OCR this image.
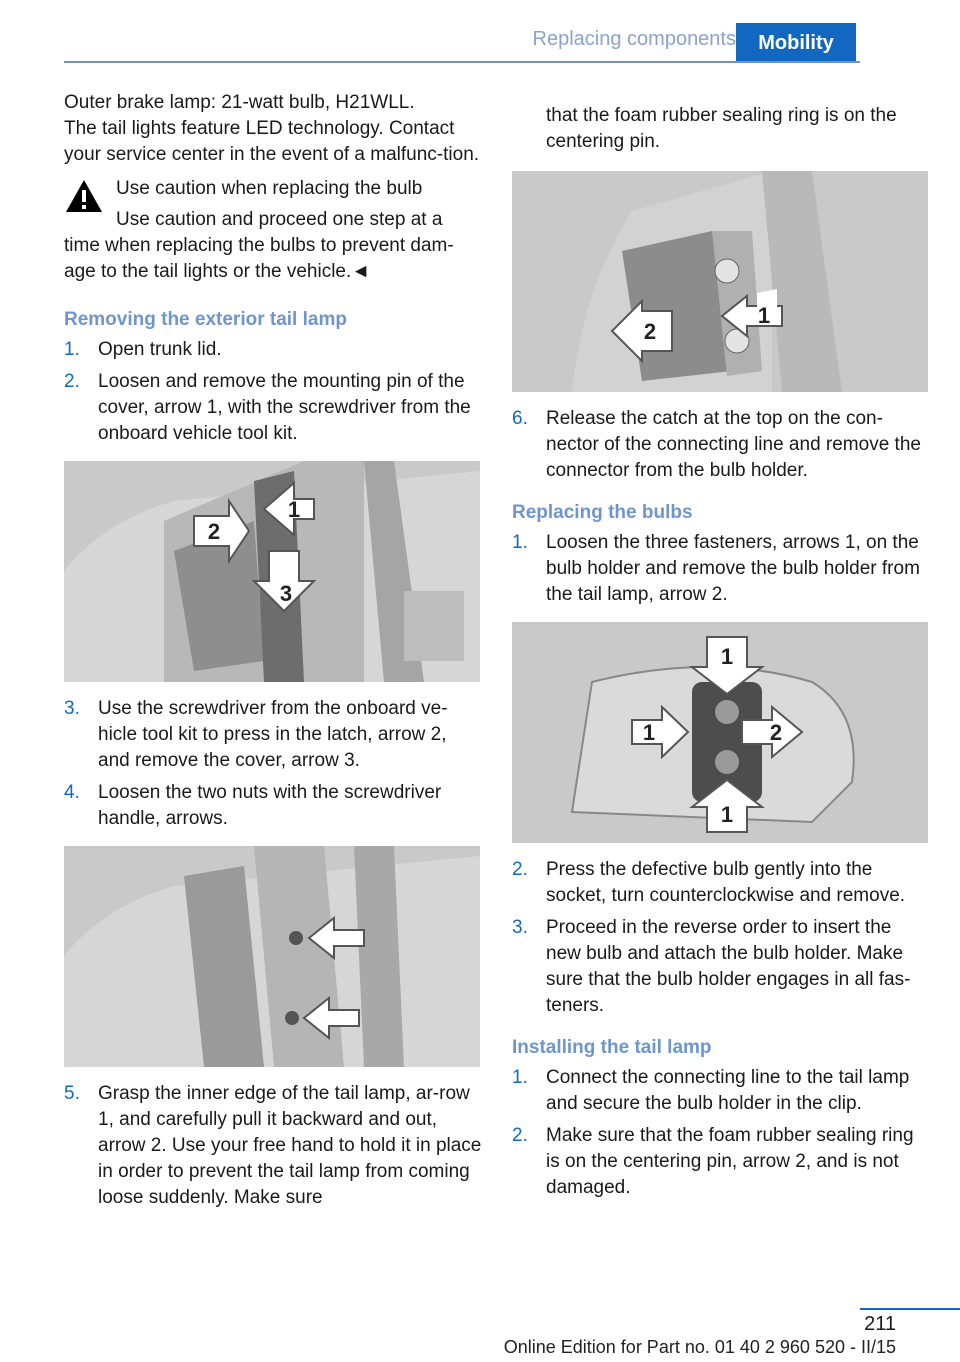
Replacing components	Mobility

Outer brake lamp: 21-watt bulb, H21WLL.

The tail lights feature LED technology. Contact your service center in the event of a malfunc-tion.

Use caution when replacing the bulb

Use caution and proceed one step at a time when replacing the bulbs to prevent dam-age to the tail lights or the vehicle.◄

Removing the exterior tail lamp
1. Open trunk lid.
2. Loosen and remove the mounting pin of the cover, arrow 1, with the screwdriver from the onboard vehicle tool kit.
2
1
3
3. Use the screwdriver from the onboard ve-hicle tool kit to press in the latch, arrow 2, and remove the cover, arrow 3.
4. Loosen the two nuts with the screwdriver handle, arrows.
5. Grasp the inner edge of the tail lamp, ar-row 1, and carefully pull it backward and out, arrow 2. Use your free hand to hold it in place in order to prevent the tail lamp from coming loose suddenly. Make sure

that the foam rubber sealing ring is on the centering pin.

1
2
6. Release the catch at the top on the con-nector of the connecting line and remove the connector from the bulb holder.
Replacing the bulbs
1. Loosen the three fasteners, arrows 1, on the bulb holder and remove the bulb holder from the tail lamp, arrow 2.
1
1
1
2
2. Press the defective bulb gently into the socket, turn counterclockwise and remove.
3. Proceed in the reverse order to insert the new bulb and attach the bulb holder. Make sure that the bulb holder engages in all fas-teners.
Installing the tail lamp
1. Connect the connecting line to the tail lamp and secure the bulb holder in the clip.
2. Make sure that the foam rubber sealing ring is on the centering pin, arrow 2, and is not damaged.
211
Online Edition for Part no. 01 40 2 960 520 - II/15
